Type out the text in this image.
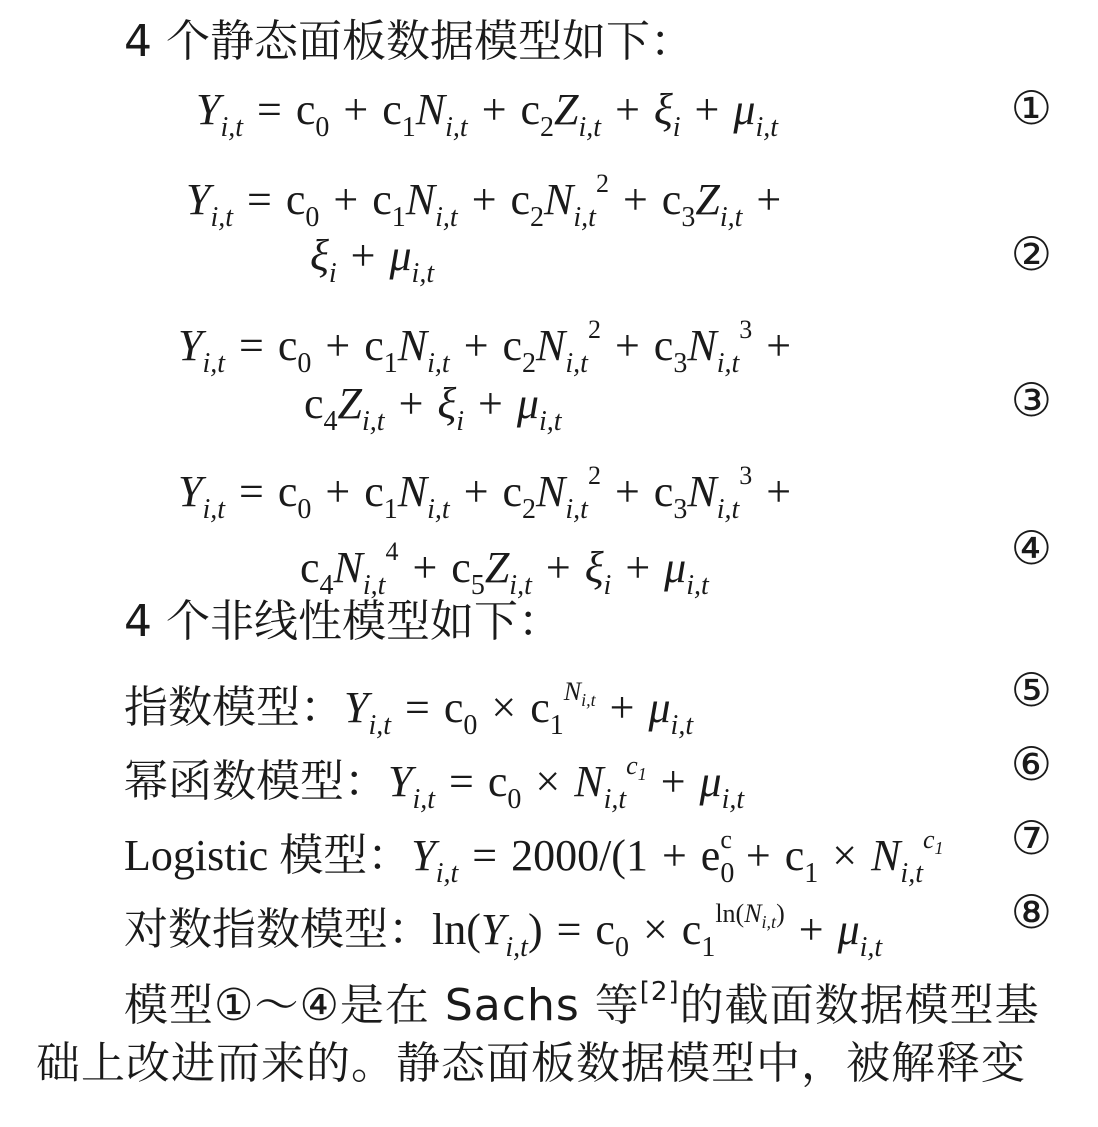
4 个静态面板数据模型如下：
$Y_{i,t} = c_0 + c_1N_{i,t} + c_2Z_{i,t} + \xi_i + \mu_{i,t}$	①
$Y_{i,t} = c_0 + c_1N_{i,t} + c_2N_{i,t}^2 + c_3Z_{i,t}$ +
$\xi_i + \mu_{i,t}$	②
$Y_{i,t} = c_0 + c_1N_{i,t} + c_2N_{i,t}^2 + c_3N_{i,t}^3$ +
$c_4Z_{i,t} + \xi_i + \mu_{i,t}$	③
$Y_{i,t} = c_0 + c_1N_{i,t} + c_2N_{i,t}^2 + c_3N_{i,t}^3$ +
$c_4N_{i,t}^4 + c_5Z_{i,t} + \xi_i + \mu_{i,t}$
④
4 个非线性模型如下：
指数模型：$Y_{i,t} = c_0 \times c_1^{N_{i,t}} + \mu_{i,t}$
⑤
幂函数模型：$Y_{i,t} = c_0 \times N_{i,t}^{c_1} + \mu_{i,t}$
⑥
Logistic 模型：$Y_{i,t} = 2000/(1 + e_0^c + c_1 \times N_{i,t}^{c_1}$ ⑦
对数指数模型：$\ln(Y_{i,t}) = c_0 \times c_1^{ln(N_{i,t})} + \mu_{i,t}$
⑧
模型①～④是在 Sachs 等[2]的截面数据模型基
础上改进而来的。静态面板数据模型中，被解释变
